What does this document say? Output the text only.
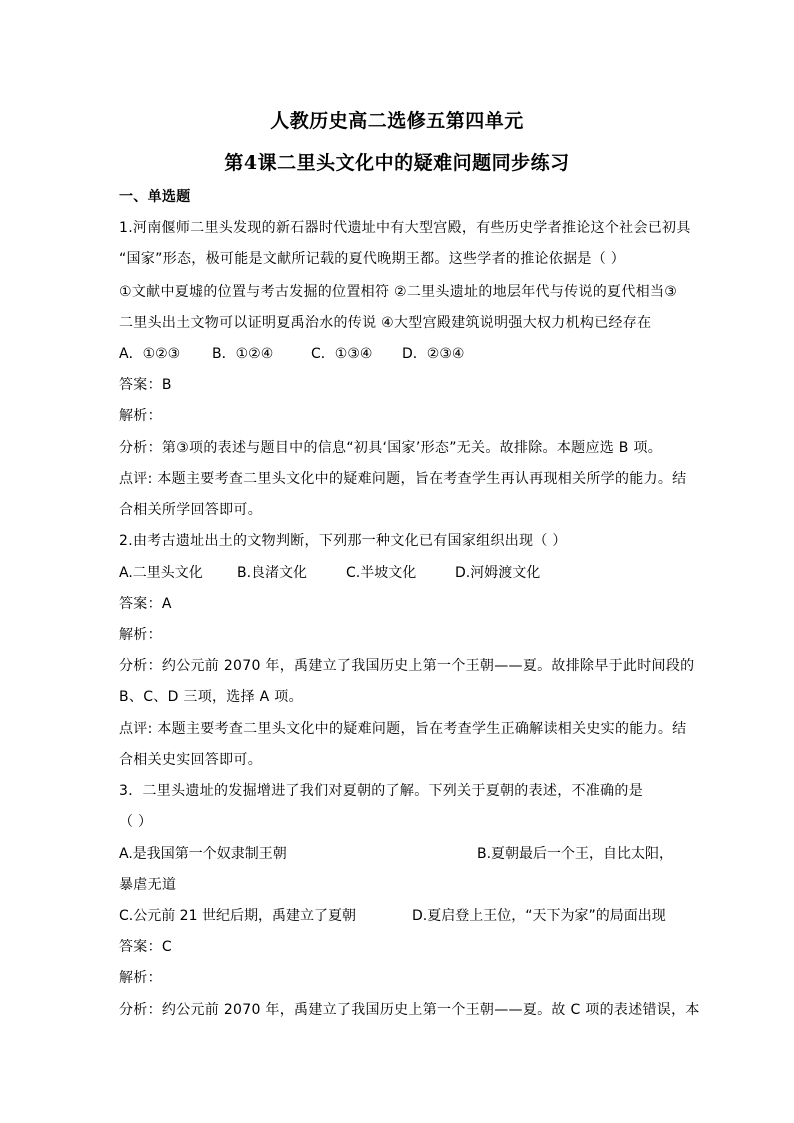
人教历史高二选修五第四单元
第4课二里头文化中的疑难问题同步练习
一、单选题
1.河南偃师二里头发现的新石器时代遗址中有大型宫殿，有些历史学者推论这个社会已初具
“国家”形态，极可能是文献所记载的夏代晚期王都。这些学者的推论依据是（ ）
①文献中夏墟的位置与考古发掘的位置相符 ②二里头遗址的地层年代与传说的夏代相当③
二里头出土文物可以证明夏禹治水的传说 ④大型宫殿建筑说明强大权力机构已经存在
A．①②③ B．①②④	C．①③④ D．②③④
答案：B
解析：
分析：第③项的表述与题目中的信息“初具‘国家’形态”无关。故排除。本题应选 B 项。
点评: 本题主要考查二里头文化中的疑难问题，旨在考查学生再认再现相关所学的能力。结
合相关所学回答即可。
2.由考古遗址出土的文物判断，下列那一种文化已有国家组织出现（ ）
A.二里头文化 B.良渚文化	C.半坡文化	D.河姆渡文化
答案：A
解析：
分析：约公元前 2070 年，禹建立了我国历史上第一个王朝——夏。故排除早于此时间段的
B、C、D 三项，选择 A 项。
点评: 本题主要考查二里头文化中的疑难问题，旨在考查学生正确解读相关史实的能力。结
合相关史实回答即可。
3．二里头遗址的发掘增进了我们对夏朝的了解。下列关于夏朝的表述，不准确的是
（ ）
A.是我国第一个奴隶制王朝	B.夏朝最后一个王，自比太阳，
暴虐无道
C.公元前 21 世纪后期，禹建立了夏朝	D.夏启登上王位，“天下为家”的局面出现
答案：C
解析：
分析：约公元前 2070 年，禹建立了我国历史上第一个王朝——夏。故 C 项的表述错误，本
